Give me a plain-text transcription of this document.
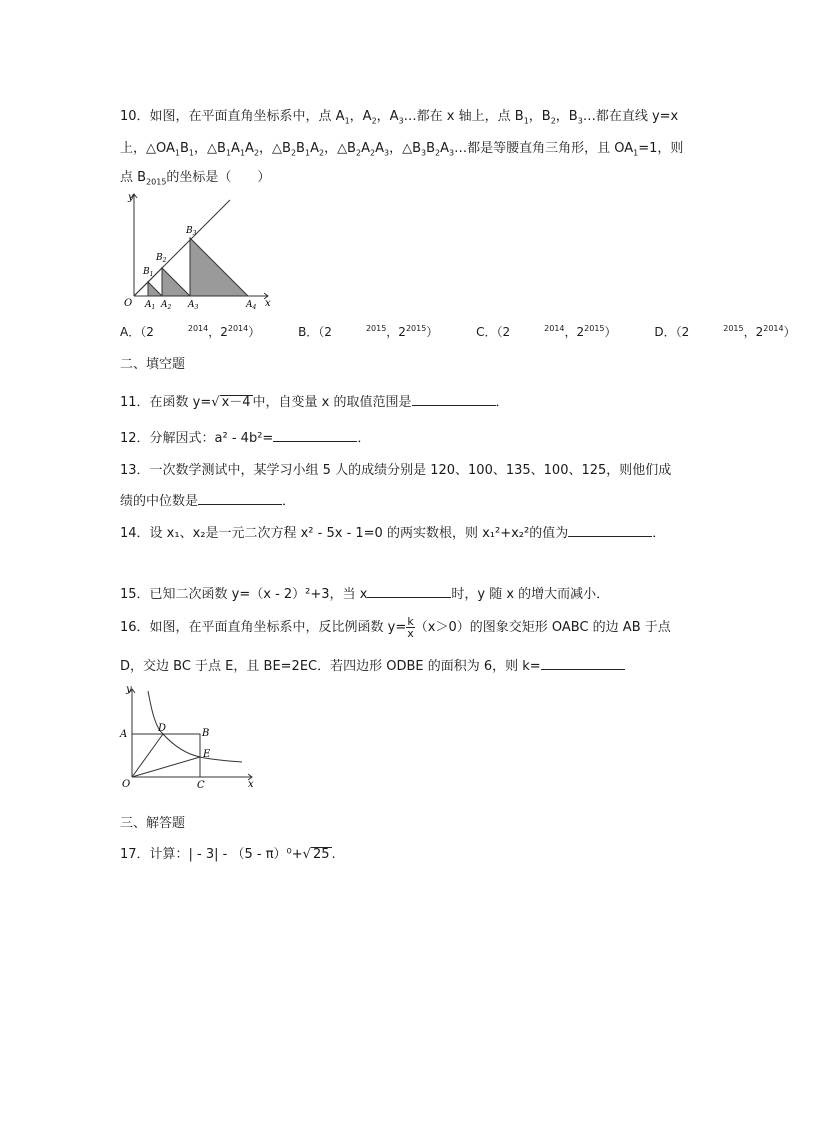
10．如图，在平面直角坐标系中，点 $A_1$，$A_2$，$A_3\dots$都在 x 轴上，点 $B_1$，$B_2$，$B_3\dots$都在直线 y=x
上，$\triangle OA_1B_1$，$\triangle B_1A_1A_2$，$\triangle B_2B_1A_2$，$\triangle B_2A_2A_3$，$\triangle B_3B_2A_3\dots$都是等腰直角三角形，且 $OA_1=1$，则
点 $B_{2015}$的坐标是（　　）
y
x
O
$B_1$
$B_2$
$B_3$
$A_1$ $A_2$ $A_3$	$A_4$
A．（2	$^{2014}$，$2^{2014}$）	B．（2	$^{2015}$，$2^{2015}$）	C．（2	$^{2014}$，$2^{2015}$）	D．（2	$^{2015}$，$2^{2014}$）
二、填空题
11．在函数 y=√ x－4 中，自变量 x 的取值范围是	．
12．分解因式：a² - 4b²=	．
13．一次数学测试中，某学习小组 5 人的成绩分别是 120、100、135、100、125，则他们成
绩的中位数是	．
14．设 x₁、x₂是一元二次方程 x² - 5x - 1=0 的两实数根，则 x₁²+x₂²的值为	．
15．已知二次函数 y=（x - 2）²+3，当 x	时，y 随 x 的增大而减小．
16．如图，在平面直角坐标系中，反比例函数 $y= \frac{k}{x} (x>0)$的图象交矩形 OABC 的边 AB 于点
D，交边 BC 于点 E，且 BE=2EC．若四边形 ODBE 的面积为 6，则 k=
y
x
O
A	B
C
D
E
三、解答题
17．计算：| - 3| - （5 - π）⁰+√ 25 .
